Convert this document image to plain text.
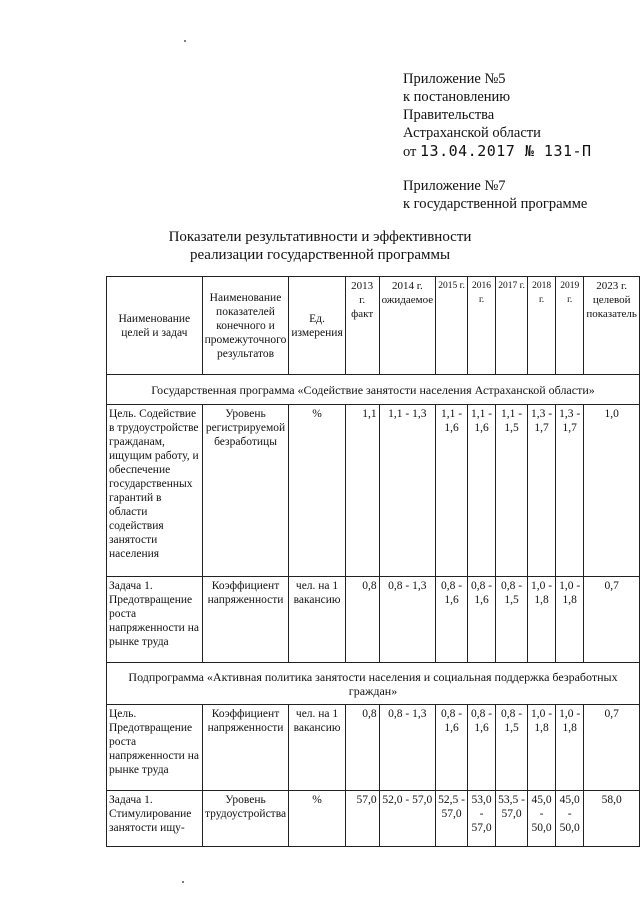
Приложение №5
к постановлению
Правительства
Астраханской области
от 13.04.2017 № 131-П
Приложение №7
к государственной программе
Показатели результативности и эффективности
реализации государственной программы
Наименование целей и задач	Наименование показателей конечного и промежуточного результатов	Ед. измерения	2013 г. факт	2014 г. ожидаемое	2015 г.	2016 г.	2017 г.	2018 г.	2019 г.	2023 г. целевой показатель
Государственная программа «Содействие занятости населения Астраханской области»										
Цель. Содействие в трудоустройстве гражданам, ищущим работу, и обеспечение государственных гарантий в области содействия занятости населения	Уровень регистрируемой безработицы	%	1,1	1,1 - 1,3	1,1 - 1,6	1,1 - 1,6	1,1 - 1,5	1,3 - 1,7	1,3 - 1,7	1,0
Задача 1. Предотвращение роста напряженности на рынке труда	Коэффициент напряженности	чел. на 1 вакансию	0,8	0,8 - 1,3	0,8 - 1,6	0,8 - 1,6	0,8 - 1,5	1,0 - 1,8	1,0 - 1,8	0,7
Подпрограмма «Активная политика занятости населения и социальная поддержка безработных граждан»										
Цель. Предотвращение роста напряженности на рынке труда	Коэффициент напряженности	чел. на 1 вакансию	0,8	0,8 - 1,3	0,8 - 1,6	0,8 - 1,6	0,8 - 1,5	1,0 - 1,8	1,0 - 1,8	0,7
Задача 1. Стимулирование занятости ищу-	Уровень трудоустройства	%	57,0	52,0 - 57,0	52,5 - 57,0	53,0 - 57,0	53,5 - 57,0	45,0 - 50,0	45,0 - 50,0	58,0
